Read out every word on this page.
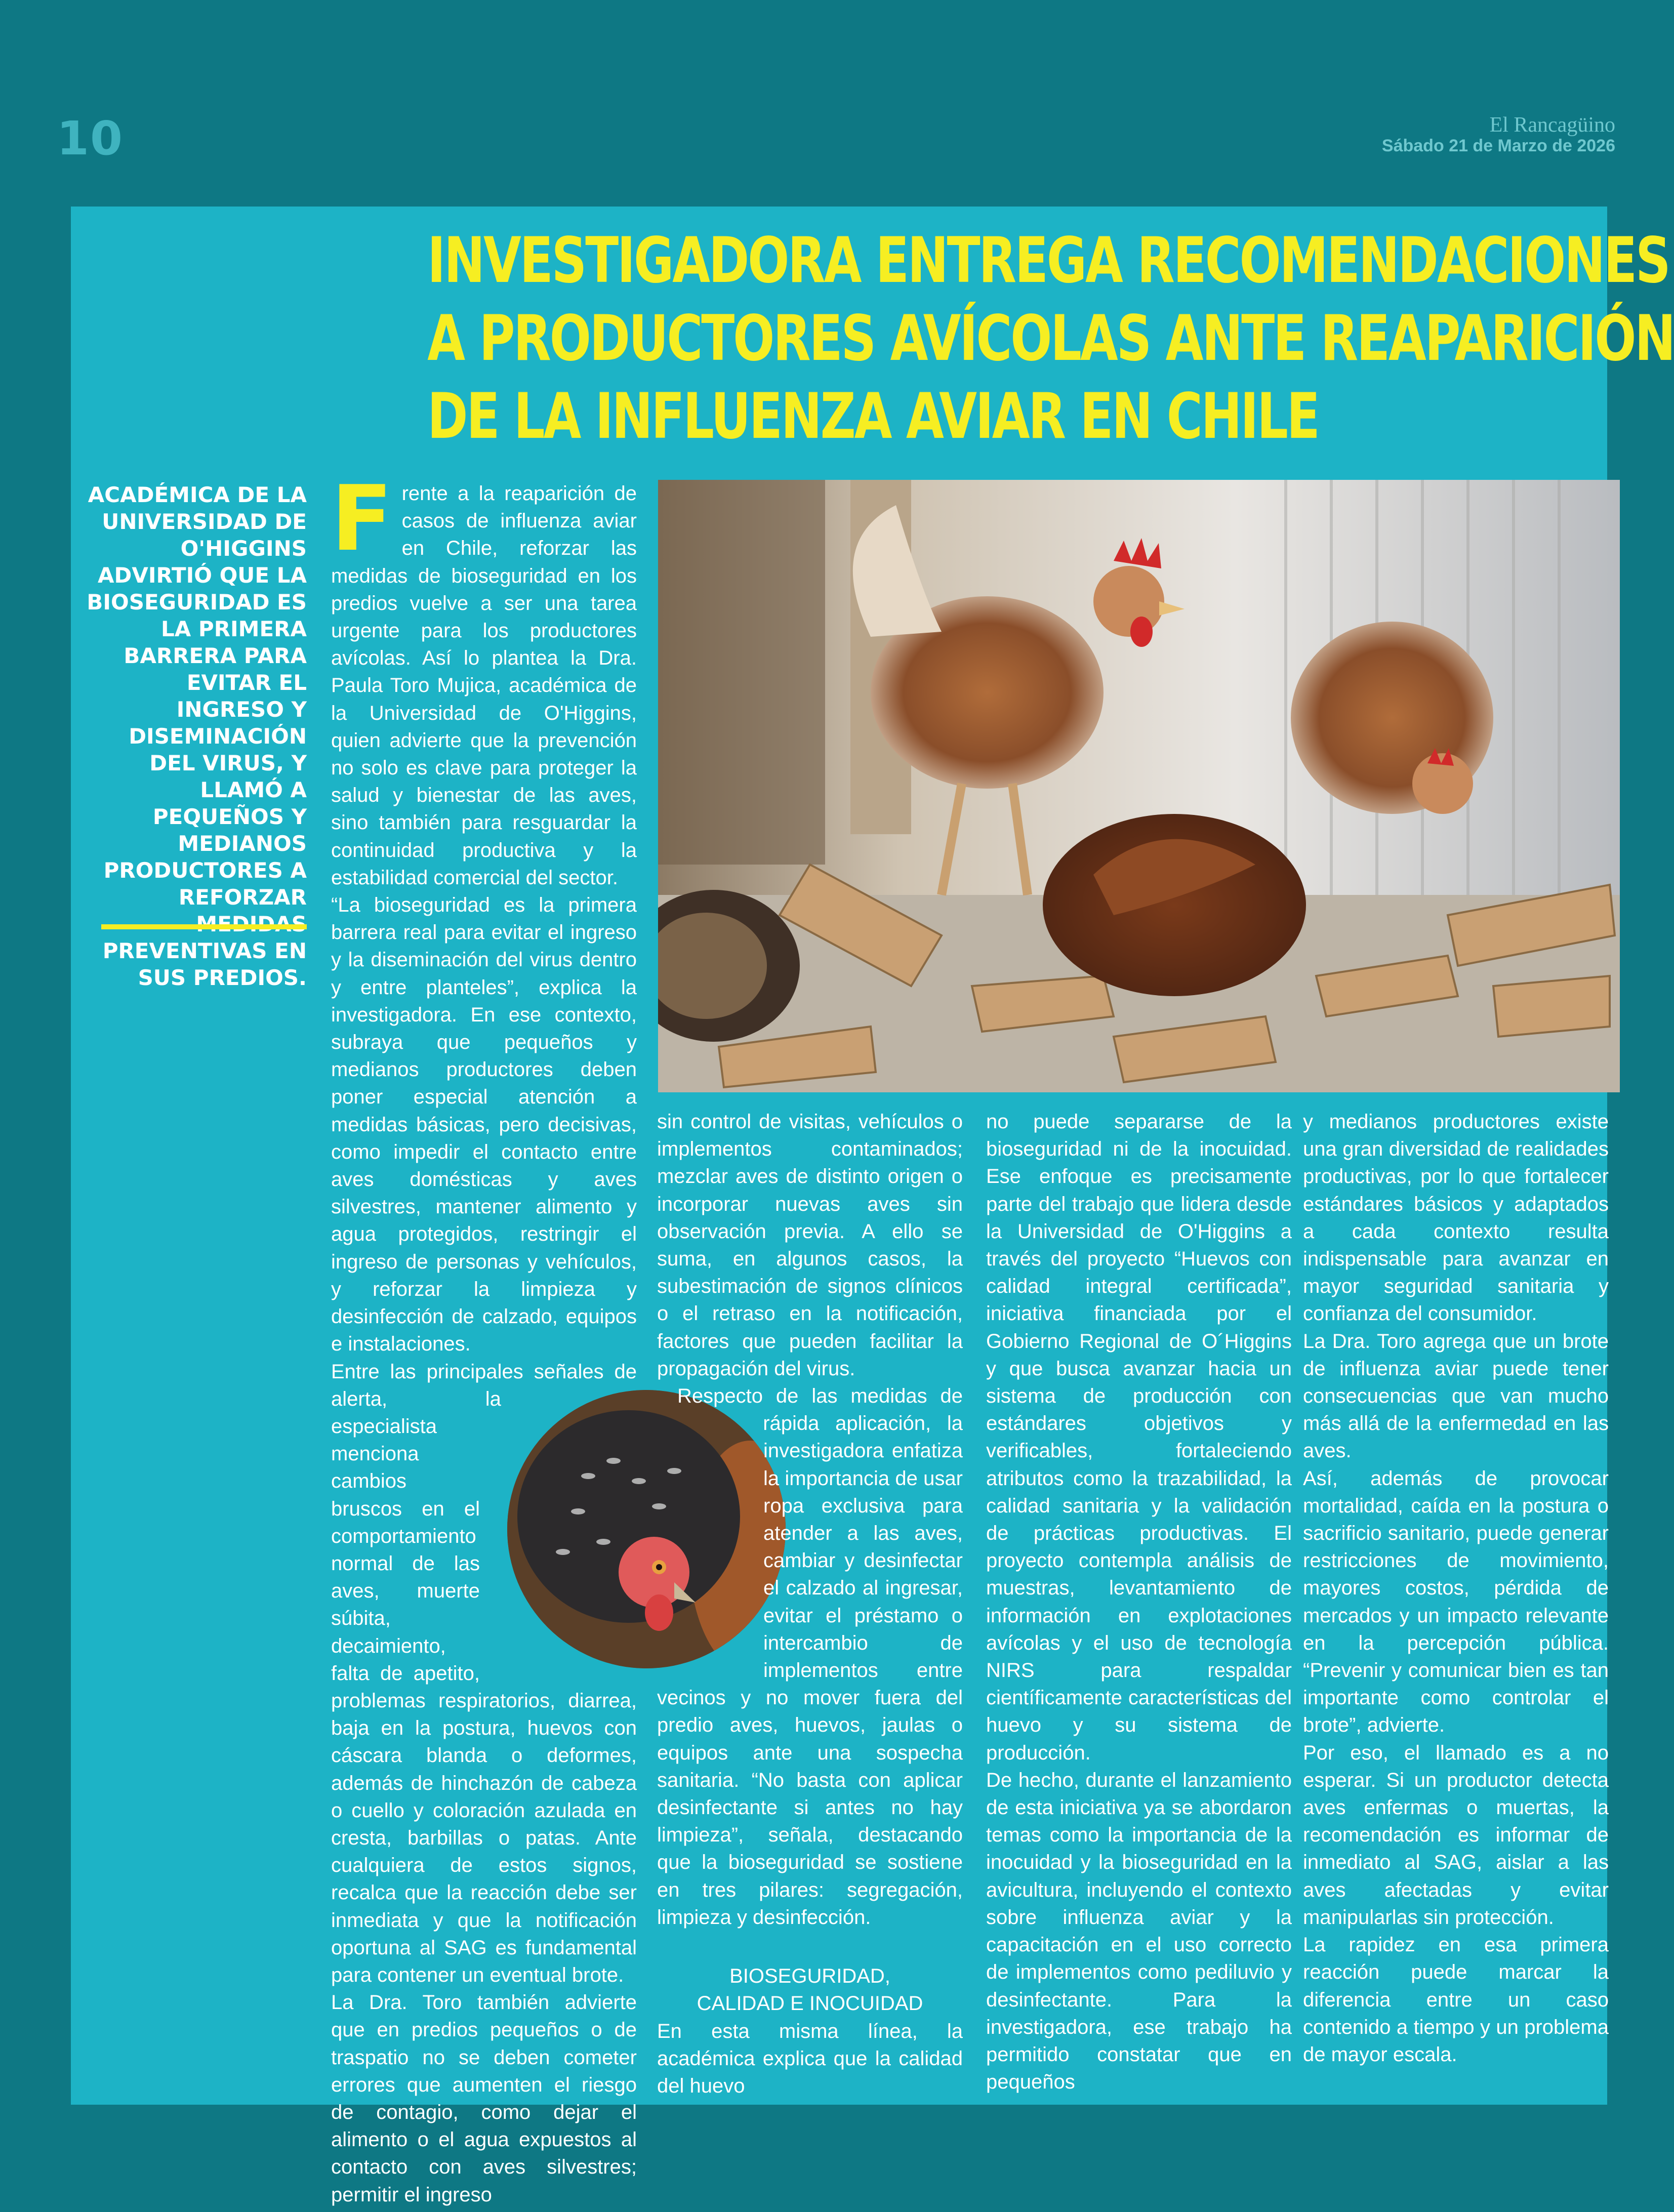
10	El Rancagüino
Sábado 21 de Marzo de 2026
INVESTIGADORA ENTREGA RECOMENDACIONES
A PRODUCTORES AVÍCOLAS ANTE REAPARICIÓN
DE LA INFLUENZA AVIAR EN CHILE

ACADÉMICA DE LA UNIVERSIDAD DE O'HIGGINS ADVIRTIÓ QUE LA BIOSEGURIDAD ES LA PRIMERA BARRERA PARA EVITAR EL INGRESO Y DISEMINACIÓN DEL VIRUS, Y LLAMÓ A PEQUEÑOS Y MEDIANOS PRODUCTORES A REFORZAR PREVENTIVAS EN SUS PREDIOS.

F rente a la reaparición de casos de influenza aviar en Chile, reforzar las medidas de bioseguridad en los predios vuelve a ser una tarea urgente para los productores avícolas. Así lo plantea la Dra. Paula Toro Mujica, académica de la Universidad de O'Higgins, quien advierte que la prevención no solo es clave para proteger la salud y bienestar de las aves, sino también para resguardar la continuidad productiva y la estabilidad comercial del sector.

“La bioseguridad es la primera barrera real para evitar el ingreso y la diseminación del virus dentro y entre planteles”, explica la investigadora. En ese contexto, subraya que pequeños y medianos productores deben poner especial atención a medidas básicas, pero decisivas, como impedir el contacto entre aves domésticas y aves silvestres, mantener alimento y agua protegidos, restringir el ingreso de personas y vehículos, y reforzar la limpieza y desinfección de calzado, equipos e instalaciones.

Entre las principales señales de alerta, la especialista menciona cambios bruscos en el comportamiento normal de las aves, muerte súbita, decaimiento, falta de apetito, problemas respiratorios, diarrea, baja en la postura, huevos con cáscara blanda o deformes, además de hinchazón de cabeza o cuello y coloración azulada en cresta, barbillas o patas. Ante cualquiera de estos signos, recalca que la reacción debe ser inmediata y que la notificación oportuna al SAG es fundamental para contener un eventual brote.

La Dra. Toro también advierte que en predios pequeños o de traspatio no se deben cometer errores que aumenten el riesgo de contagio, como dejar el alimento o el agua expuestos al contacto con aves silvestres; permitir el ingreso

sin control de visitas, vehículos o implementos contaminados; mezclar aves de distinto origen o incorporar nuevas aves sin observación previa. A ello se suma, en algunos casos, la subestimación de signos clínicos o el retraso en la notificación, factores que pueden facilitar la propagación del virus.

Respecto de las medidas de rápida aplicación, la investigadora enfatiza la importancia de usar ropa exclusiva para atender a las aves, cambiar y desinfectar el calzado al ingresar, evitar el préstamo o intercambio de implementos entre vecinos y no mover fuera del predio aves, huevos, jaulas o equipos ante una sospecha sanitaria. “No basta con aplicar desinfectante si antes no hay limpieza”, señala, destacando que la bioseguridad se sostiene en tres pilares: segregación, limpieza y desinfección.

BIOSEGURIDAD,
CALIDAD E INOCUIDAD

En esta misma línea, la académica explica que la calidad del huevo

no puede separarse de la bioseguridad ni de la inocuidad. Ese enfoque es precisamente parte del trabajo que lidera desde la Universidad de O'Higgins a través del proyecto “Huevos con calidad integral certificada”, iniciativa financiada por el Gobierno Regional de O´Higgins y que busca avanzar hacia un sistema de producción con estándares objetivos y verificables, fortaleciendo atributos como la trazabilidad, la calidad sanitaria y la validación de prácticas productivas. El proyecto contempla análisis de muestras, levantamiento de información en explotaciones avícolas y el uso de tecnología NIRS para respaldar científicamente características del huevo y su sistema de producción.

De hecho, durante el lanzamiento de esta iniciativa ya se abordaron temas como la importancia de la inocuidad y la bioseguridad en la avicultura, incluyendo el contexto sobre influenza aviar y la capacitación en el uso correcto de implementos como pediluvio y desinfectante. Para la investigadora, ese trabajo ha permitido constatar que en pequeños

y medianos productores existe una gran diversidad de realidades productivas, por lo que fortalecer estándares básicos y adaptados a cada contexto resulta indispensable para avanzar en mayor seguridad sanitaria y confianza del consumidor.

La Dra. Toro agrega que un brote de influenza aviar puede tener consecuencias que van mucho más allá de la enfermedad en las aves.

Así, además de provocar mortalidad, caída en la postura o sacrificio sanitario, puede generar restricciones de movimiento, mayores costos, pérdida de mercados y un impacto relevante en la percepción pública. “Prevenir y comunicar bien es tan importante como controlar el brote”, advierte.

Por eso, el llamado es a no esperar. Si un productor detecta aves enfermas o muertas, la recomendación es informar de inmediato al SAG, aislar a las aves afectadas y evitar manipularlas sin protección.

La rapidez en esa primera reacción puede marcar la diferencia entre un caso contenido a tiempo y un problema de mayor escala.
